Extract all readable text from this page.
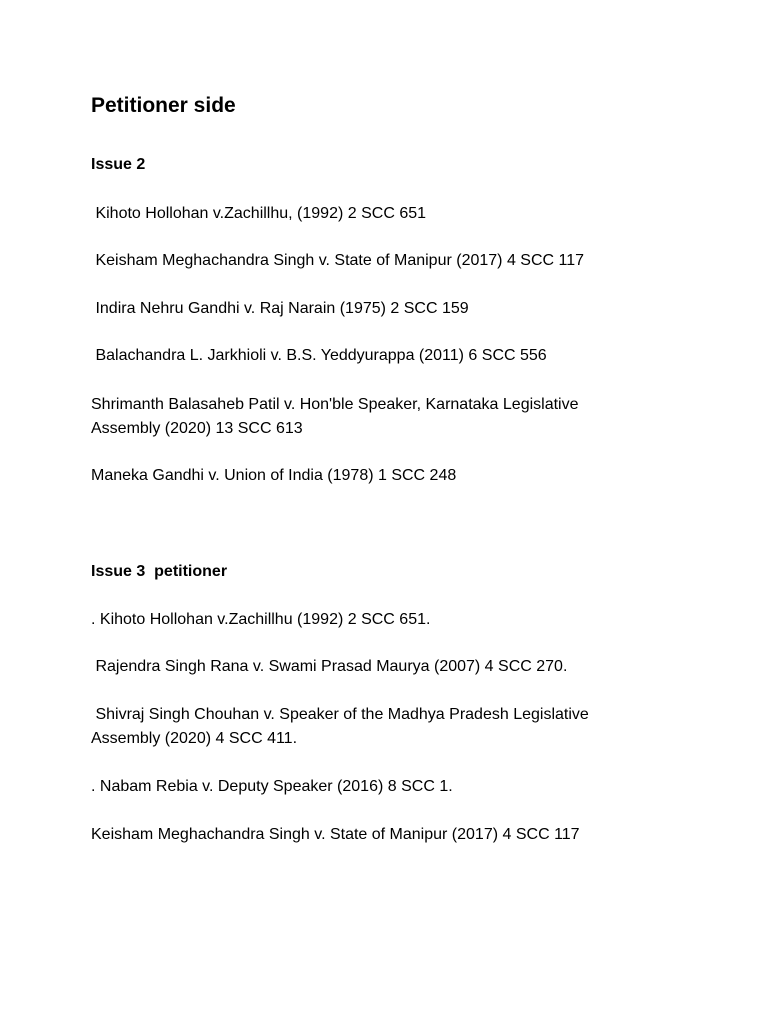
Petitioner side
Issue 2
Kihoto Hollohan v.Zachillhu, (1992) 2 SCC 651
Keisham Meghachandra Singh v. State of Manipur (2017) 4 SCC 117
Indira Nehru Gandhi v. Raj Narain (1975) 2 SCC 159
Balachandra L. Jarkhioli v. B.S. Yeddyurappa (2011) 6 SCC 556
Shrimanth Balasaheb Patil v. Hon'ble Speaker, Karnataka Legislative Assembly (2020) 13 SCC 613
Maneka Gandhi v. Union of India (1978) 1 SCC 248
Issue 3  petitioner
. Kihoto Hollohan v.Zachillhu (1992) 2 SCC 651.
Rajendra Singh Rana v. Swami Prasad Maurya (2007) 4 SCC 270.
Shivraj Singh Chouhan v. Speaker of the Madhya Pradesh Legislative Assembly (2020) 4 SCC 411.
. Nabam Rebia v. Deputy Speaker (2016) 8 SCC 1.
Keisham Meghachandra Singh v. State of Manipur (2017) 4 SCC 117
